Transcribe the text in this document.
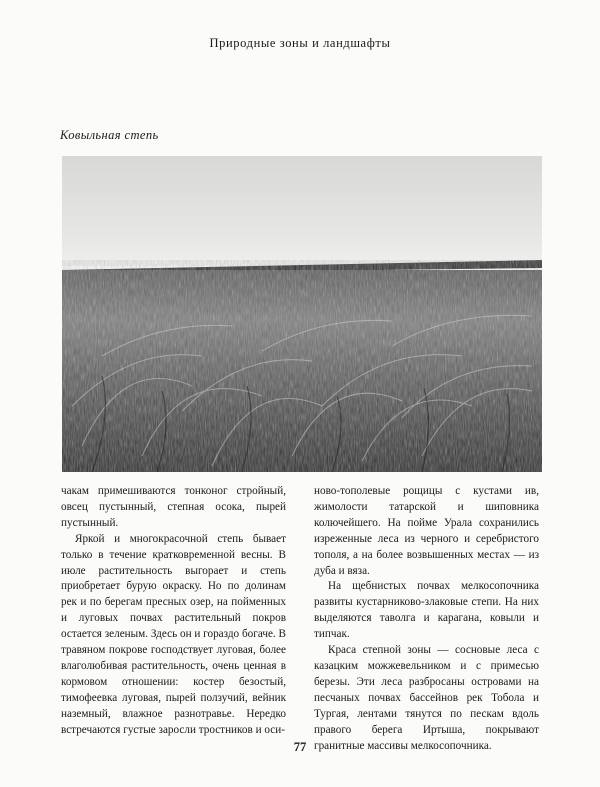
Природные зоны и ландшафты
Ковыльная степь

чакам примешиваются тонконог стройный, овсец пустынный, степная осока, пырей пустынный.

Яркой и многокрасочной степь бывает только в течение кратковременной весны. В июле растительность выгорает и степь приобретает бурую окраску. Но по долинам рек и по берегам пресных озер, на пойменных и луговых почвах растительный покров остается зеленым. Здесь он и гораздо богаче. В травяном покрове господствует луговая, более влаголюбивая растительность, очень ценная в кормовом отношении: костер безостый, тимофеевка луговая, пырей ползучий, вейник наземный, влажное разнотравье. Нередко встречаются густые заросли тростников и оси-

ново-тополевые рощицы с кустами ив, жимолости татарской и шиповника колючейшего. На пойме Урала сохранились изреженные леса из черного и серебристого тополя, а на более возвышенных местах — из дуба и вяза.

На щебнистых почвах мелкосопочника развиты кустарниково-злаковые степи. На них выделяются таволга и карагана, ковыли и типчак.

Краса степной зоны — сосновые леса с казацким можжевельником и с примесью березы. Эти леса разбросаны островами на песчаных почвах бассейнов рек Тобола и Тургая, лентами тянутся по пескам вдоль правого берега Иртыша, покрывают гранитные массивы мелкосопочника.

77
